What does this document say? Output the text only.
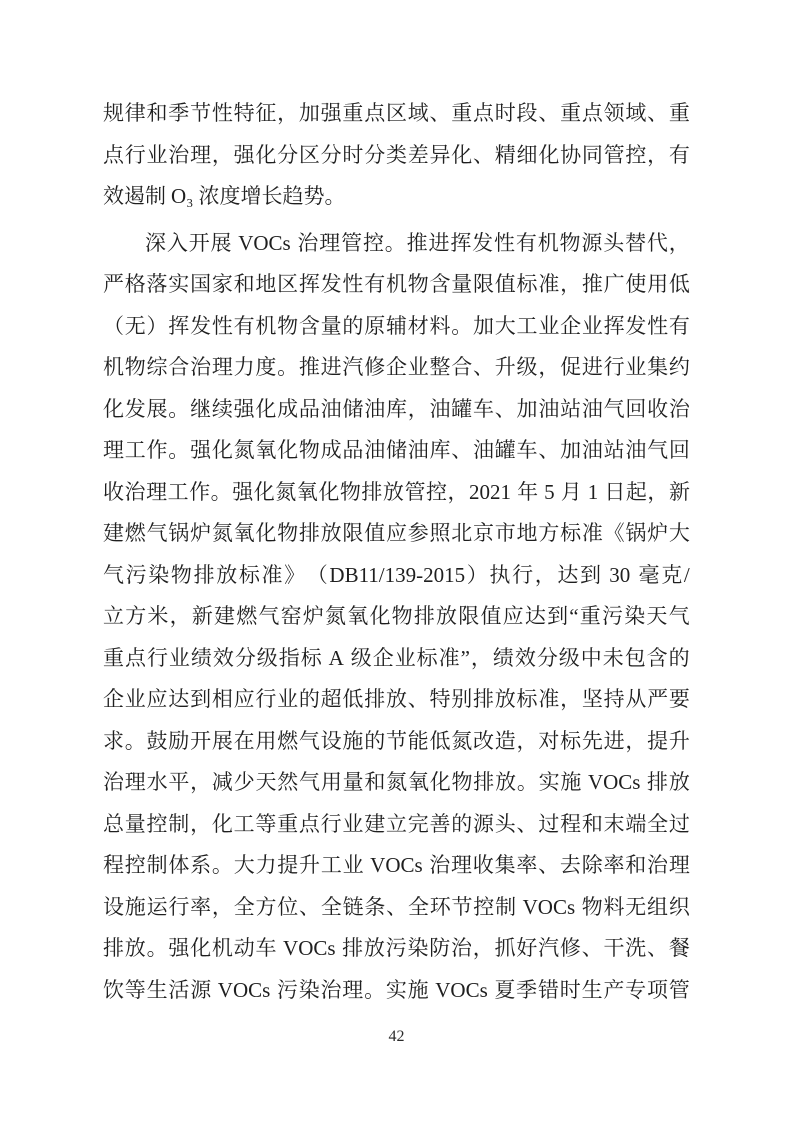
规 律 和 季 节 性 特 征 ， 加 强 重 点 区 域 、 重 点 时 段 、 重 点 领 域 、 重
点 行 业 治 理 ， 强 化 分 区 分 时 分 类 差 异 化 、 精 细 化 协 同 管 控 ， 有
效 遏 制 O ₃ 浓 度 增 长 趋 势 。
深 入 开 展 VOCs 治 理 管 控 。 推 进 挥 发 性 有 机 物 源 头 替 代 ，
严 格 落 实 国 家 和 地 区 挥 发 性 有 机 物 含 量 限 值 标 准 ， 推 广 使 用 低
（ 无 ） 挥 发 性 有 机 物 含 量 的 原 辅 材 料 。 加 大 工 业 企 业 挥 发 性 有
机 物 综 合 治 理 力 度 。 推 进 汽 修 企 业 整 合 、 升 级 ， 促 进 行 业 集 约
化 发 展 。 继 续 强 化 成 品 油 储 油 库 ， 油 罐 车 、 加 油 站 油 气 回 收 治
理 工 作 。 强 化 氮 氧 化 物 成 品 油 储 油 库 、 油 罐 车 、 加 油 站 油 气 回
收 治 理 工 作 。 强 化 氮 氧 化 物 排 放 管 控 ， 2021 年 5 月 1 日 起 ， 新
建 燃 气 锅 炉 氮 氧 化 物 排 放 限 值 应 参 照 北 京 市 地 方 标 准 《 锅 炉 大
气 污 染 物 排 放 标 准 》 （ DB11/139-2015 ） 执 行 ， 达 到 30 毫 克 /
立 方 米 ， 新 建 燃 气 窑 炉 氮 氧 化 物 排 放 限 值 应 达 到 “ 重 污 染 天 气
重 点 行 业 绩 效 分 级 指 标 A 级 企 业 标 准 ” ， 绩 效 分 级 中 未 包 含 的
企 业 应 达 到 相 应 行 业 的 超 低 排 放 、 特 别 排 放 标 准 ， 坚 持 从 严 要
求 。 鼓 励 开 展 在 用 燃 气 设 施 的 节 能 低 氮 改 造 ， 对 标 先 进 ， 提 升
治 理 水 平 ， 减 少 天 然 气 用 量 和 氮 氧 化 物 排 放 。 实 施 VOCs 排 放
总 量 控 制 ， 化 工 等 重 点 行 业 建 立 完 善 的 源 头 、 过 程 和 末 端 全 过
程 控 制 体 系 。 大 力 提 升 工 业 VOCs 治 理 收 集 率 、 去 除 率 和 治 理
设 施 运 行 率 ， 全 方 位 、 全 链 条 、 全 环 节 控 制 VOCs 物 料 无 组 织
排 放 。 强 化 机 动 车 VOCs 排 放 污 染 防 治 ， 抓 好 汽 修 、 干 洗 、 餐
饮 等 生 活 源 VOCs 污 染 治 理 。 实 施 VOCs 夏 季 错 时 生 产 专 项 管
42
